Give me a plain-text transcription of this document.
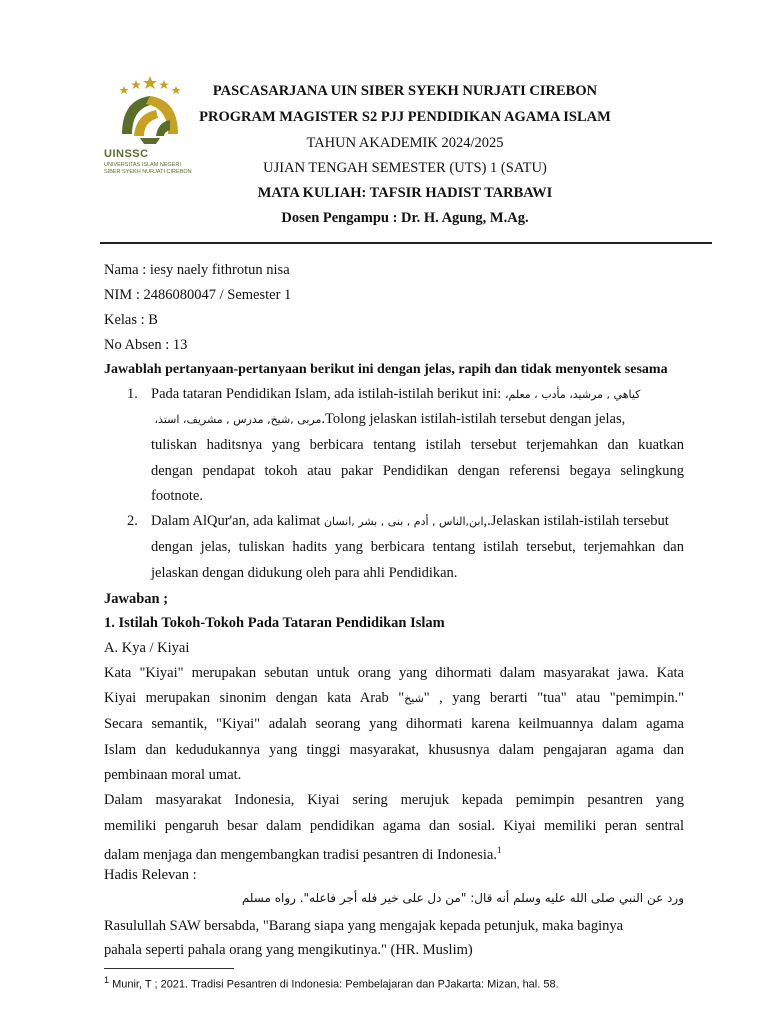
UINSSC
UNIVERSITAS ISLAM NEGERI SIBER SYEKH NURJATI CIREBON
PASCASARJANA UIN SIBER SYEKH NURJATI CIREBON
PROGRAM MAGISTER S2 PJJ PENDIDIKAN AGAMA ISLAM
TAHUN AKADEMIK 2024/2025
UJIAN TENGAH SEMESTER (UTS) 1 (SATU)
MATA KULIAH: TAFSIR HADIST TARBAWI
Dosen Pengampu : Dr. H. Agung, M.Ag.
Nama : iesy naely fithrotun nisa
NIM : 2486080047 / Semester 1
Kelas : B
No Absen : 13
Jawablah pertanyaan-pertanyaan berikut ini dengan jelas, rapih dan tidak menyontek sesama
1. Pada tataran Pendidikan Islam, ada istilah-istilah berikut ini: كياهي , مرشيد، مأدب ، معلم،
مربى ,شيخ, مدرس , مشريف، استذ، .Tolong jelaskan istilah-istilah tersebut dengan jelas,
tuliskan haditsnya yang berbicara tentang istilah tersebut terjemahkan dan kuatkan
dengan pendapat tokoh atau pakar Pendidikan dengan referensi begaya selingkung
footnote.
2. Dalam AlQur'an, ada kalimat ابن,الناس , أدم , بنى , بشر ,انسان,.Jelaskan istilah-istilah tersebut
dengan jelas, tuliskan hadits yang berbicara tentang istilah tersebut, terjemahkan dan
jelaskan dengan didukung oleh para ahli Pendidikan.
Jawaban ;
1. Istilah Tokoh-Tokoh Pada Tataran Pendidikan Islam
A. Kya / Kiyai
Kata "Kiyai" merupakan sebutan untuk orang yang dihormati dalam masyarakat jawa. Kata
Kiyai merupakan sinonim dengan kata Arab "شيخ" , yang berarti "tua" atau "pemimpin."
Secara semantik, "Kiyai" adalah seorang yang dihormati karena keilmuannya dalam agama
Islam dan kedudukannya yang tinggi masyarakat, khususnya dalam pengajaran agama dan
pembinaan moral umat.
Dalam masyarakat Indonesia, Kiyai sering merujuk kepada pemimpin pesantren yang
memiliki pengaruh besar dalam pendidikan agama dan sosial. Kiyai memiliki peran sentral
dalam menjaga dan mengembangkan tradisi pesantren di Indonesia.$^1$
Hadis Relevan :
ورد عن النبي صلى الله عليه وسلم أنه قال: "من دل على خير فله أجر فاعله". رواه مسلم
Rasulullah SAW bersabda, "Barang siapa yang mengajak kepada petunjuk, maka baginya
pahala seperti pahala orang yang mengikutinya." (HR. Muslim)
$^1$ Munir, T ; 2021. Tradisi Pesantren di Indonesia: Pembelajaran dan PJakarta: Mizan, hal. 58.
